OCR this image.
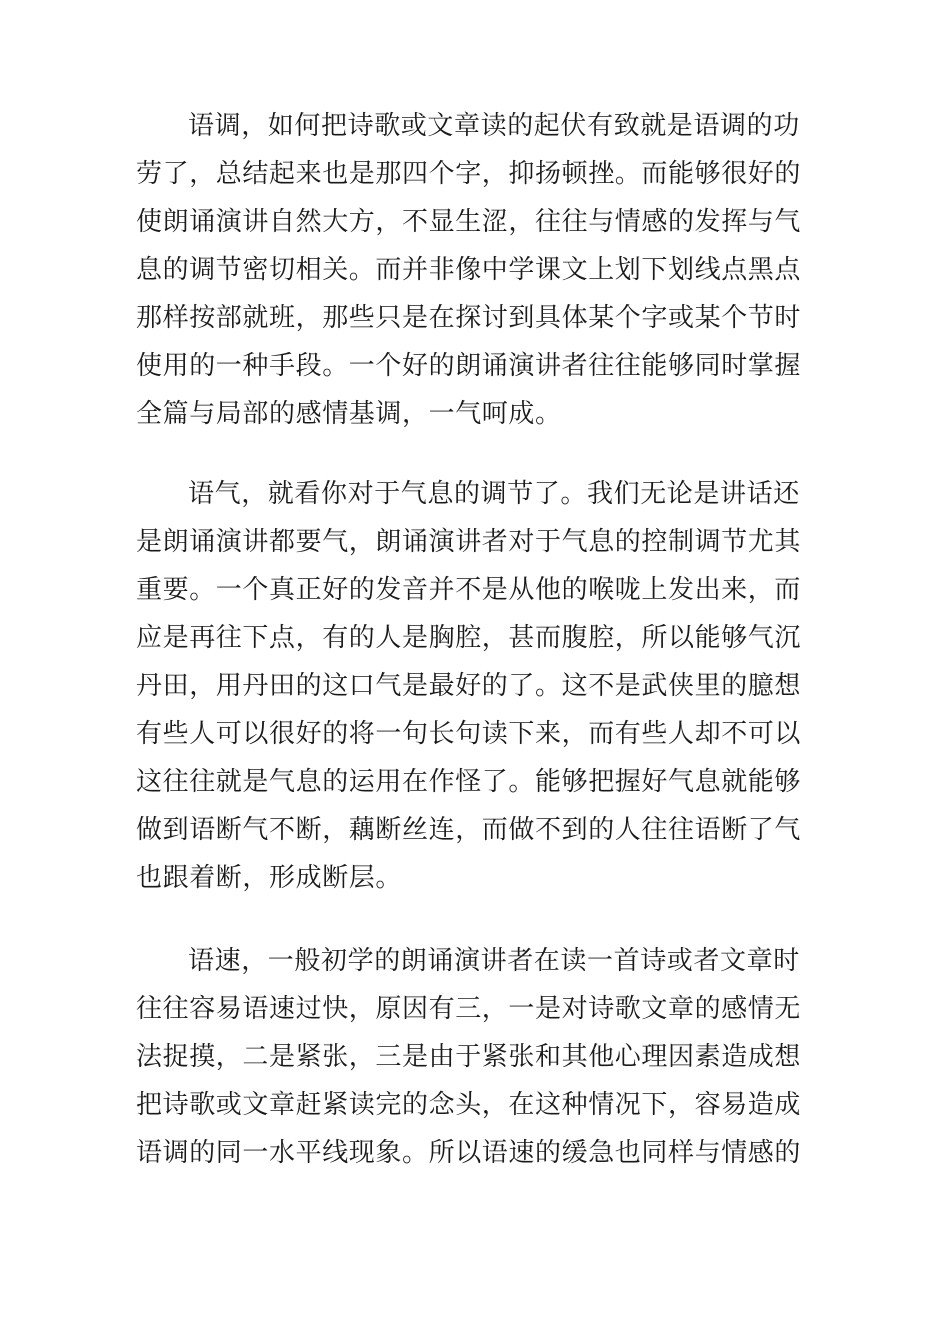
语调，如何把诗歌或文章读的起伏有致就是语调的功
劳了，总结起来也是那四个字，抑扬顿挫。而能够很好的
使朗诵演讲自然大方，不显生涩，往往与情感的发挥与气
息的调节密切相关。而并非像中学课文上划下划线点黑点
那样按部就班，那些只是在探讨到具体某个字或某个节时
使用的一种手段。一个好的朗诵演讲者往往能够同时掌握
全篇与局部的感情基调，一气呵成。
语气，就看你对于气息的调节了。我们无论是讲话还
是朗诵演讲都要气，朗诵演讲者对于气息的控制调节尤其
重要。一个真正好的发音并不是从他的喉咙上发出来，而
应是再往下点，有的人是胸腔，甚而腹腔，所以能够气沉
丹田，用丹田的这口气是最好的了。这不是武侠里的臆想
有些人可以很好的将一句长句读下来，而有些人却不可以
这往往就是气息的运用在作怪了。能够把握好气息就能够
做到语断气不断，藕断丝连，而做不到的人往往语断了气
也跟着断，形成断层。
语速，一般初学的朗诵演讲者在读一首诗或者文章时
往往容易语速过快，原因有三，一是对诗歌文章的感情无
法捉摸，二是紧张，三是由于紧张和其他心理因素造成想
把诗歌或文章赶紧读完的念头，在这种情况下，容易造成
语调的同一水平线现象。所以语速的缓急也同样与情感的
